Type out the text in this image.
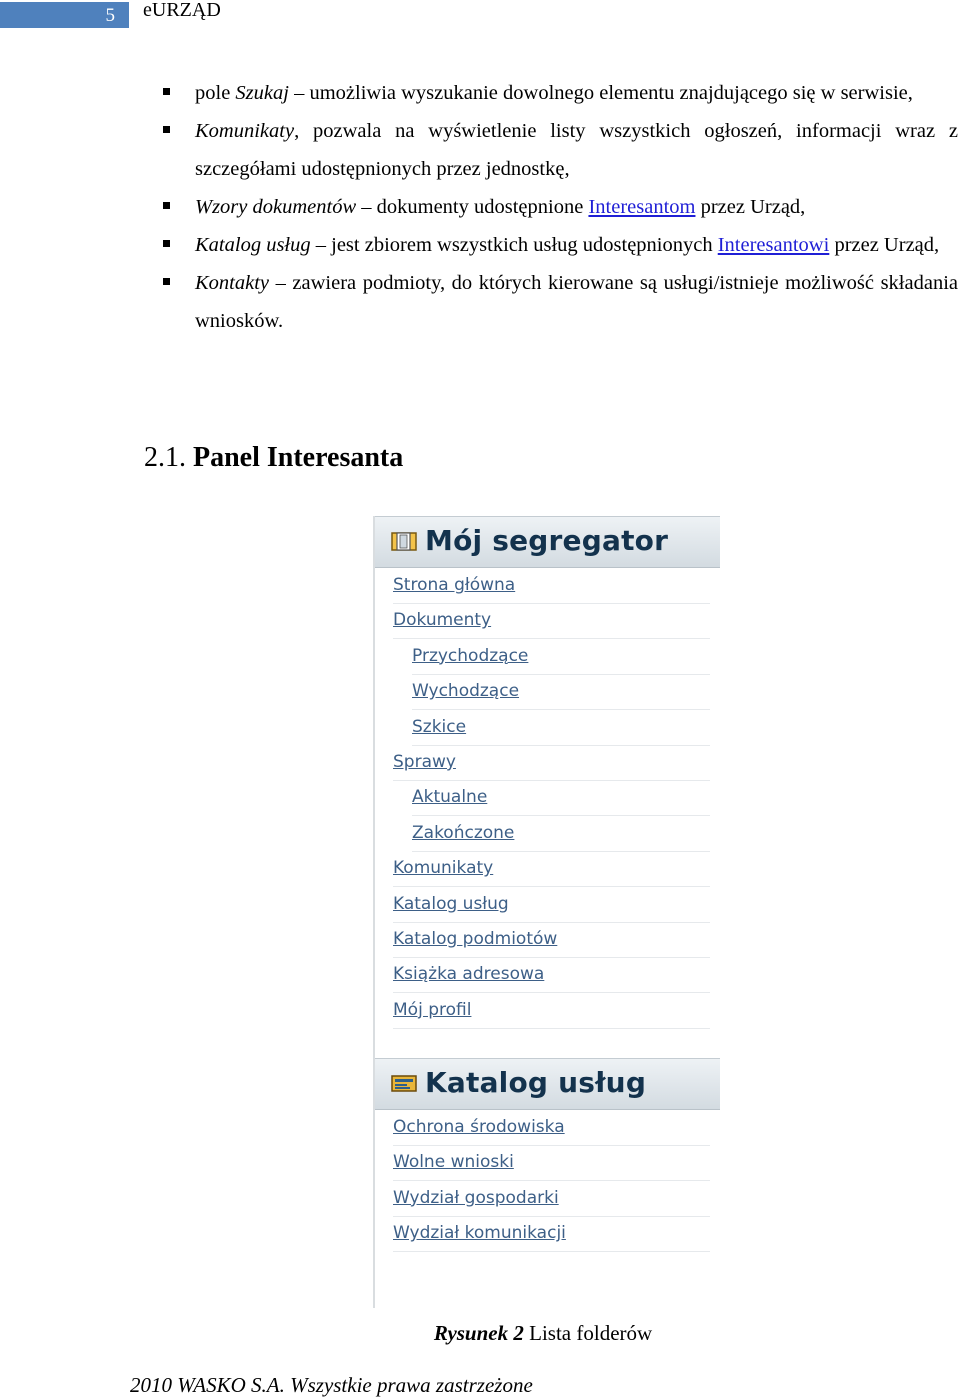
5 eURZĄD
pole Szukaj – umożliwia wyszukanie dowolnego elementu znajdującego się w serwisie,
Komunikaty, pozwala na wyświetlenie listy wszystkich ogłoszeń, informacji wraz z szczegółami udostępnionych przez jednostkę,
Wzory dokumentów – dokumenty udostępnione Interesantom przez Urząd,
Katalog usług – jest zbiorem wszystkich usług udostępnionych Interesantowi przez Urząd,
Kontakty – zawiera podmioty, do których kierowane są usługi/istnieje możliwość składania wniosków.
2.1. Panel Interesanta
Mój segregator
Strona główna
Dokumenty
Przychodzące
Wychodzące
Szkice
Sprawy
Aktualne
Zakończone
Komunikaty
Katalog usług
Katalog podmiotów
Książka adresowa
Mój profil
Katalog usług
Ochrona środowiska
Wolne wnioski
Wydział gospodarki
Wydział komunikacji
Rysunek 2 Lista folderów
2010 WASKO S.A. Wszystkie prawa zastrzeżone
